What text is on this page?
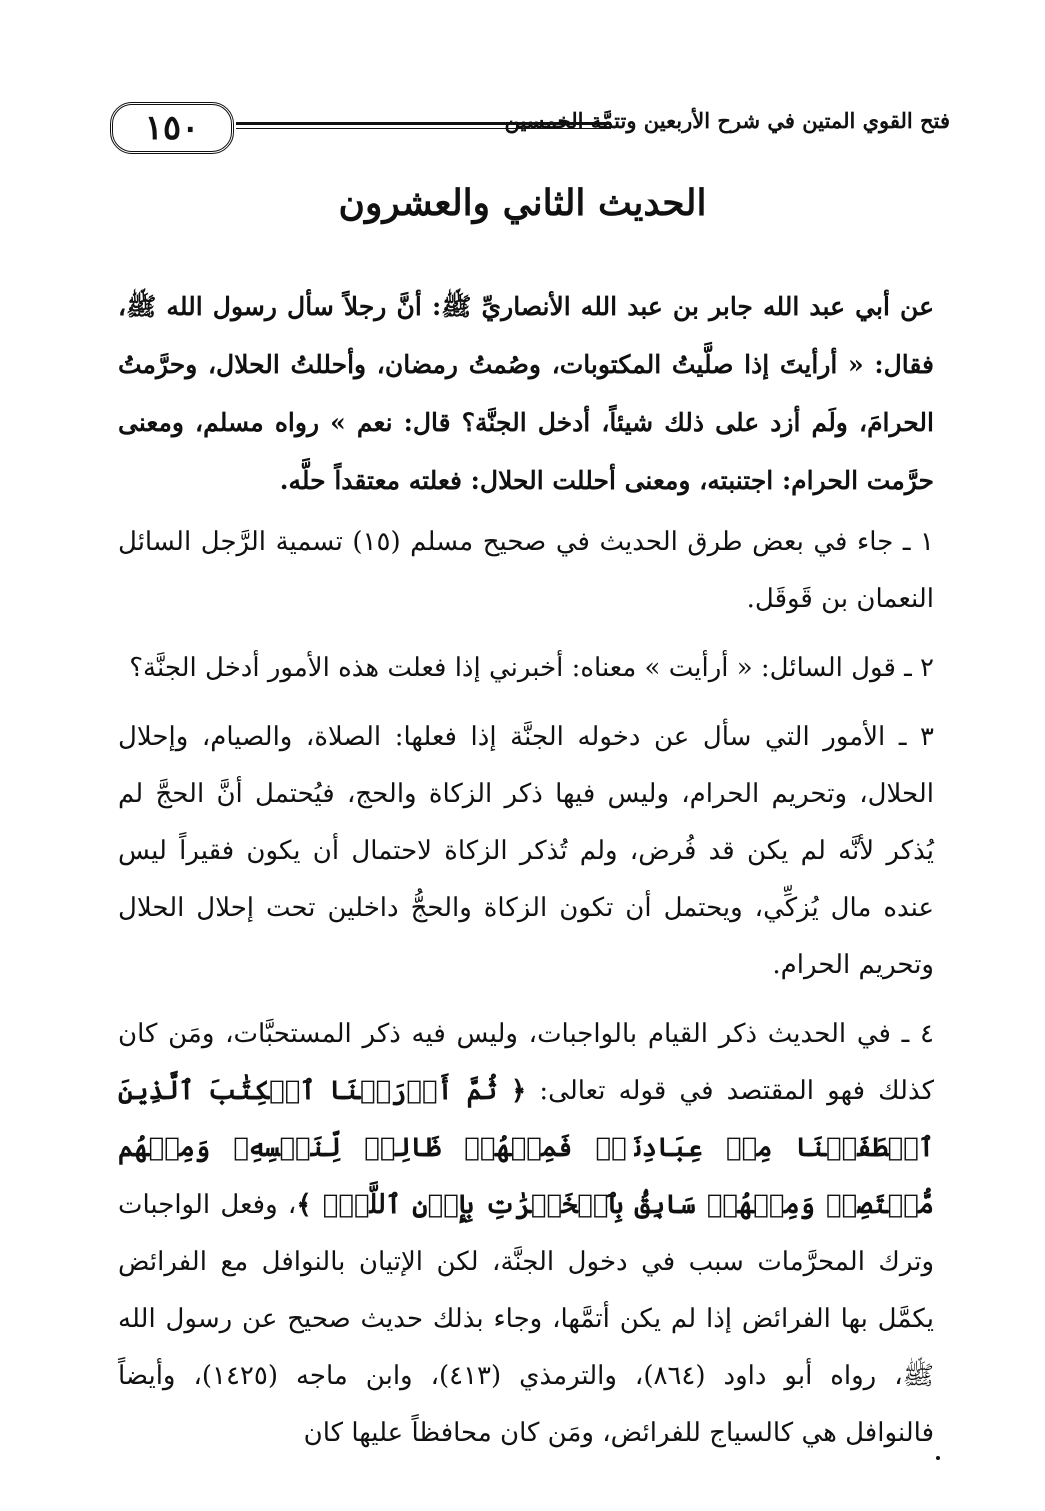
١٥٠	فتح القوي المتين في شرح الأربعين وتتمَّة الخمسين
الحديث الثاني والعشرون

عن أبي عبد الله جابر بن عبد الله الأنصاريِّ ﷺ: أنَّ رجلاً سأل رسول الله ﷺ، فقال: « أرأيتَ إذا صلَّيتُ المكتوبات، وصُمتُ رمضان، وأحللتُ الحلال، وحرَّمتُ الحرامَ، ولَم أزد على ذلك شيئاً، أدخل الجنَّة؟ قال: نعم » رواه مسلم، ومعنى حرَّمت الحرام: اجتنبته، ومعنى أحللت الحلال: فعلته معتقداً حلَّه.

١ ـ جاء في بعض طرق الحديث في صحيح مسلم (١٥) تسمية الرَّجل السائل النعمان بن قَوقَل.

٢ ـ قول السائل: « أرأيت » معناه: أخبرني إذا فعلت هذه الأمور أدخل الجنَّة؟

٣ ـ الأمور التي سأل عن دخوله الجنَّة إذا فعلها: الصلاة، والصيام، وإحلال الحلال، وتحريم الحرام، وليس فيها ذكر الزكاة والحج، فيُحتمل أنَّ الحجَّ لم يُذكر لأنَّه لم يكن قد فُرض، ولم تُذكر الزكاة لاحتمال أن يكون فقيراً ليس عنده مال يُزكِّي، ويحتمل أن تكون الزكاة والحجُّ داخلين تحت إحلال الحلال وتحريم الحرام.

٤ ـ في الحديث ذكر القيام بالواجبات، وليس فيه ذكر المستحبَّات، ومَن كان كذلك فهو المقتصد في قوله تعالى: ﴿ ثُمَّ أَوۡرَثۡنَا ٱلۡكِتَٰبَ ٱلَّذِينَ ٱصۡطَفَيۡنَا مِنۡ عِبَادِنَاۖ فَمِنۡهُمۡ ظَالِمٞ لِّنَفۡسِهِۦ وَمِنۡهُم مُّقۡتَصِدٞ وَمِنۡهُمۡ سَابِقُۢ بِٱلۡخَيۡرَٰتِ بِإِذۡنِ ٱللَّهِۚ ﴾، وفعل الواجبات وترك المحرَّمات سبب في دخول الجنَّة، لكن الإتيان بالنوافل مع الفرائض يكمَّل بها الفرائض إذا لم يكن أتمَّها، وجاء بذلك حديث صحيح عن رسول الله ﷺ، رواه أبو داود (٨٦٤)، والترمذي (٤١٣)، وابن ماجه (١٤٢٥)، وأيضاً فالنوافل هي كالسياج للفرائض، ومَن كان محافظاً عليها كان
